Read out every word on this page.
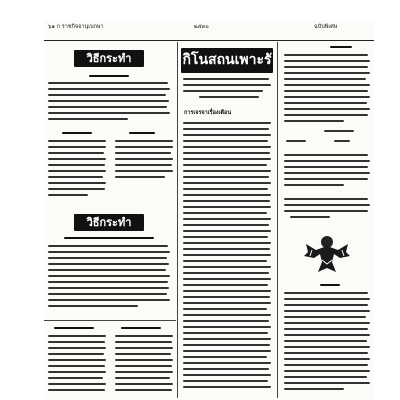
๖๑ ก ราชกิจจานุเบกษา	๒๕๓๐	ฉบับพิเศษ
วิธีกระทำ
วิธีกระทำ
กิโนสถนเพาะรั
การเจรจาเรื่องเตือน
